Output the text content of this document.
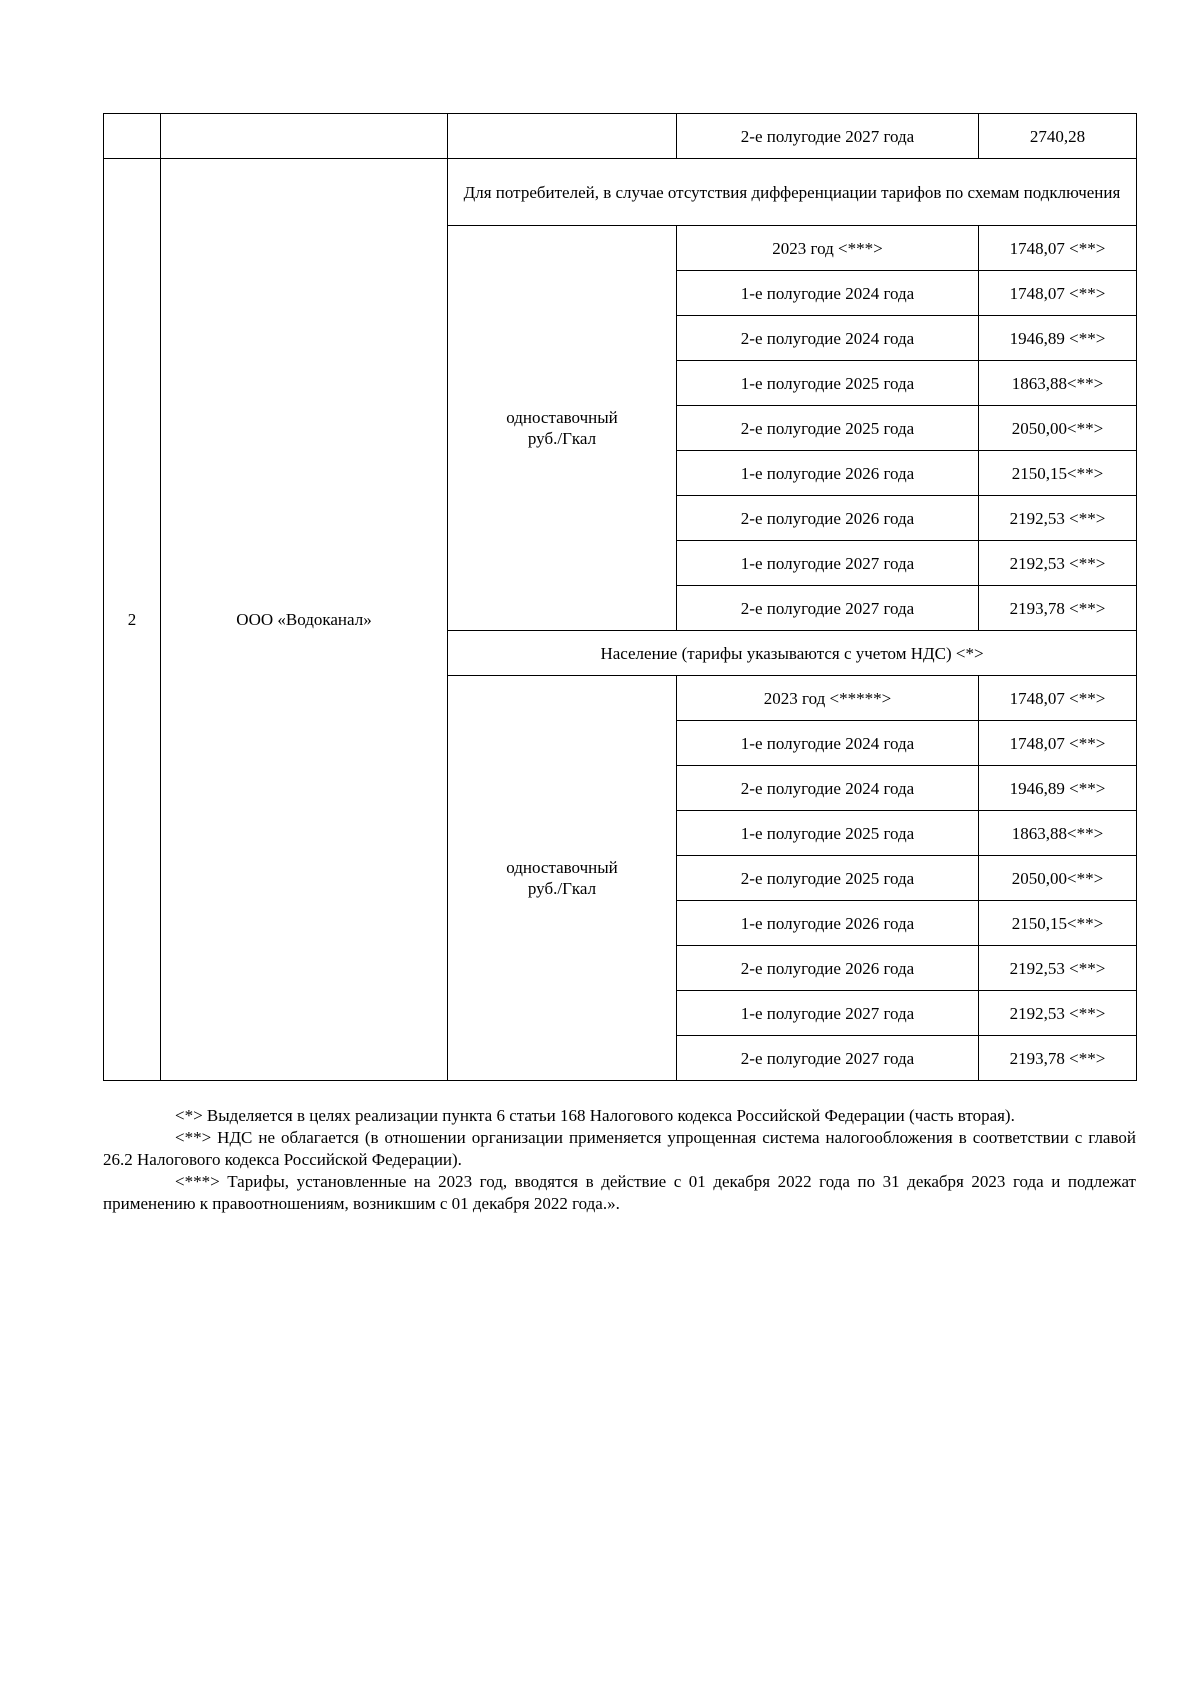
			2-е полугодие 2027 года	2740,28
2	ООО «Водоканал»	Для потребителей, в случае отсутствия дифференциации тарифов по схемам подключения		
		одноставочный
руб./Гкал	2023 год <***>	1748,07 <**>
			1-е полугодие 2024 года	1748,07 <**>
			2-е полугодие 2024 года	1946,89 <**>
			1-е полугодие 2025 года	1863,88<**>
			2-е полугодие 2025 года	2050,00<**>
			1-е полугодие 2026 года	2150,15<**>
			2-е полугодие 2026 года	2192,53 <**>
			1-е полугодие 2027 года	2192,53 <**>
			2-е полугодие 2027 года	2193,78 <**>
		Население (тарифы указываются с учетом НДС) <*>		
		одноставочный
руб./Гкал	2023 год <*****>	1748,07 <**>
			1-е полугодие 2024 года	1748,07 <**>
			2-е полугодие 2024 года	1946,89 <**>
			1-е полугодие 2025 года	1863,88<**>
			2-е полугодие 2025 года	2050,00<**>
			1-е полугодие 2026 года	2150,15<**>
			2-е полугодие 2026 года	2192,53 <**>
			1-е полугодие 2027 года	2192,53 <**>
			2-е полугодие 2027 года	2193,78 <**>

<*> Выделяется в целях реализации пункта 6 статьи 168 Налогового кодекса Российской Федерации (часть вторая).

<**> НДС не облагается (в отношении организации применяется упрощенная система налогообложения в соответствии с главой 26.2 Налогового кодекса Российской Федерации).

<***> Тарифы, установленные на 2023 год, вводятся в действие с 01 декабря 2022 года по 31 декабря 2023 года и подлежат применению к правоотношениям, возникшим с 01 декабря 2022 года.».
